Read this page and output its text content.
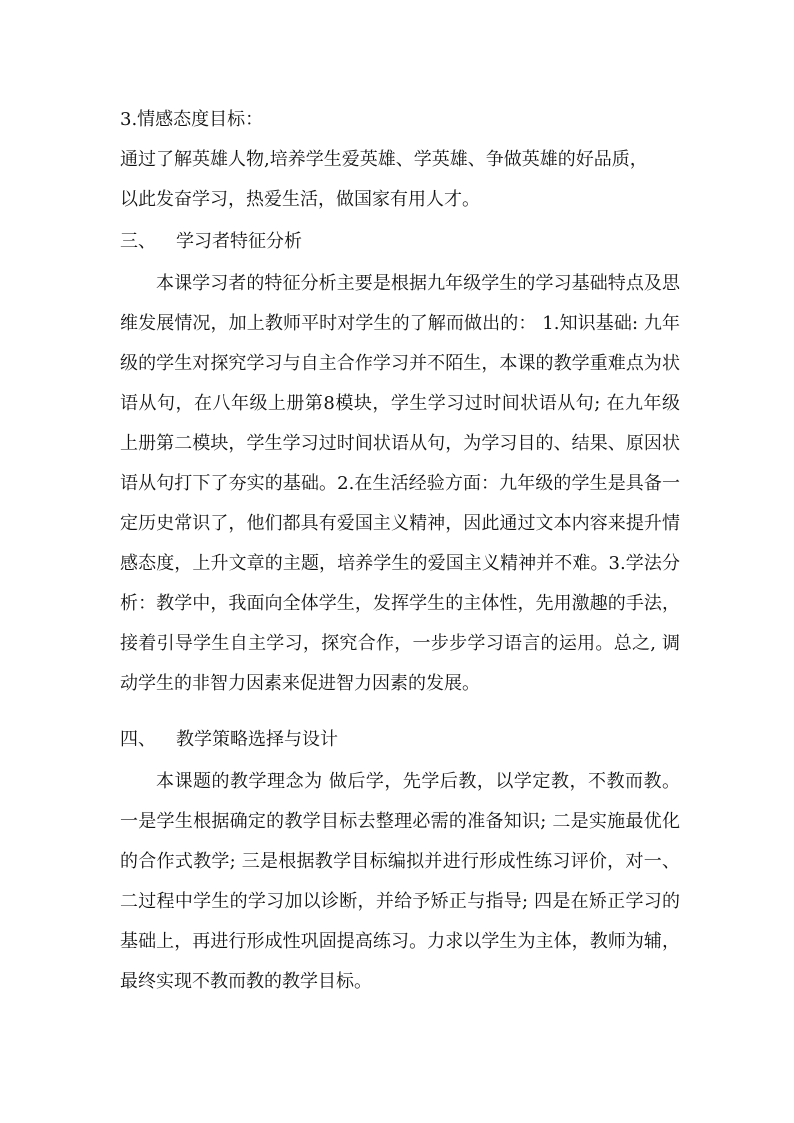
3.情感态度目标：
通过了解英雄人物,培养学生爱英雄、学英雄、争做英雄的好品质，
以此发奋学习，热爱生活，做国家有用人才。
三、 学习者特征分析
本课学习者的特征分析主要是根据九年级学生的学习基础特点及思维发展情况，加上教师平时对学生的了解而做出的： 1.知识基础: 九年级的学生对探究学习与自主合作学习并不陌生，本课的教学重难点为状语从句，在八年级上册第8模块，学生学习过时间状语从句; 在九年级上册第二模块，学生学习过时间状语从句，为学习目的、结果、原因状语从句打下了夯实的基础。2.在生活经验方面：九年级的学生是具备一定历史常识了，他们都具有爱国主义精神，因此通过文本内容来提升情感态度，上升文章的主题，培养学生的爱国主义精神并不难。3.学法分析：教学中，我面向全体学生，发挥学生的主体性，先用激趣的手法，接着引导学生自主学习，探究合作，一步步学习语言的运用。总之, 调动学生的非智力因素来促进智力因素的发展。
四、 教学策略选择与设计
本课题的教学理念为 做后学，先学后教，以学定教，不教而教。一是学生根据确定的教学目标去整理必需的准备知识; 二是实施最优化的合作式教学; 三是根据教学目标编拟并进行形成性练习评价，对一、二过程中学生的学习加以诊断，并给予矫正与指导; 四是在矫正学习的基础上，再进行形成性巩固提高练习。力求以学生为主体，教师为辅，最终实现不教而教的教学目标。
